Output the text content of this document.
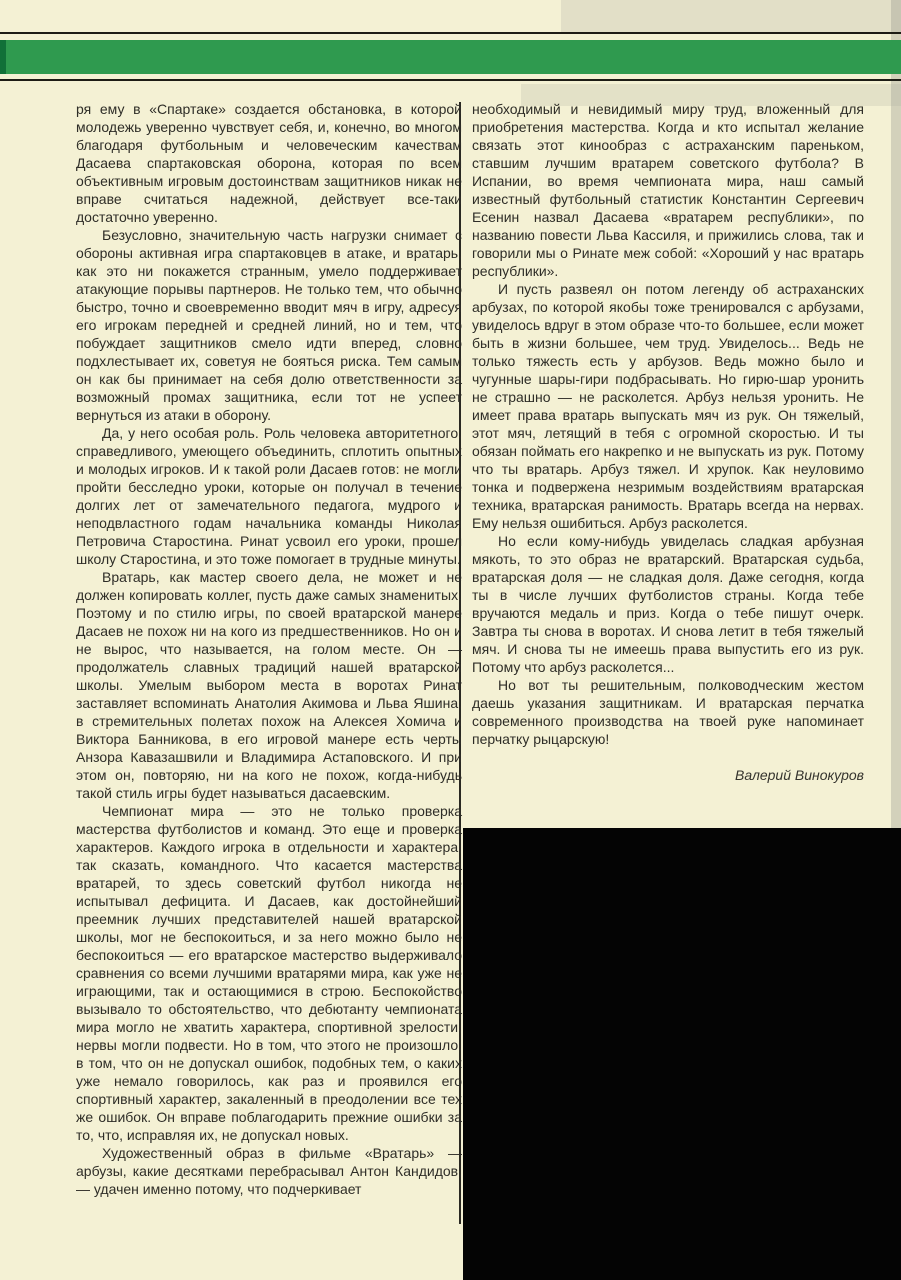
ря ему в «Спартаке» создается обстановка, в которой молодежь уверенно чувствует себя, и, конечно, во многом благодаря футбольным и человеческим качествам Дасаева спартаковская оборона, которая по всем объективным игровым достоинствам защитников никак не вправе считаться надежной, действует все-таки достаточно уверенно.

Безусловно, значительную часть нагрузки снимает с обороны активная игра спартаковцев в атаке, и вратарь, как это ни покажется странным, умело поддерживает атакующие порывы партнеров. Не только тем, что обычно быстро, точно и своевременно вводит мяч в игру, адресуя его игрокам передней и средней линий, но и тем, что побуждает защитников смело идти вперед, словно подхлестывает их, советуя не бояться риска. Тем самым он как бы принимает на себя долю ответственности за возможный промах защитника, если тот не успеет вернуться из атаки в оборону.

Да, у него особая роль. Роль человека авторитетного, справедливого, умеющего объединить, сплотить опытных и молодых игроков. И к такой роли Дасаев готов: не могли пройти бесследно уроки, которые он получал в течение долгих лет от замечательного педагога, мудрого и неподвластного годам начальника команды Николая Петровича Старостина. Ринат усвоил его уроки, прошел школу Старостина, и это тоже помогает в трудные минуты.

Вратарь, как мастер своего дела, не может и не должен копировать коллег, пусть даже самых знаменитых. Поэтому и по стилю игры, по своей вратарской манере Дасаев не похож ни на кого из предшественников. Но он и не вырос, что называется, на голом месте. Он — продолжатель славных традиций нашей вратарской школы. Умелым выбором места в воротах Ринат заставляет вспоминать Анатолия Акимова и Льва Яшина, в стремительных полетах похож на Алексея Хомича и Виктора Банникова, в его игровой манере есть черты Анзора Кавазашвили и Владимира Астаповского. И при этом он, повторяю, ни на кого не похож, когда-нибудь такой стиль игры будет называться дасаевским.

Чемпионат мира — это не только проверка мастерства футболистов и команд. Это еще и проверка характеров. Каждого игрока в отдельности и характера, так сказать, командного. Что касается мастерства вратарей, то здесь советский футбол никогда не испытывал дефицита. И Дасаев, как достойнейший преемник лучших представителей нашей вратарской школы, мог не беспокоиться, и за него можно было не беспокоиться — его вратарское мастерство выдерживало сравнения со всеми лучшими вратарями мира, как уже не играющими, так и остающимися в строю. Беспокойство вызывало то обстоятельство, что дебютанту чемпионата мира могло не хватить характера, спортивной зрелости, нервы могли подвести. Но в том, что этого не произошло, в том, что он не допускал ошибок, подобных тем, о каких уже немало говорилось, как раз и проявился его спортивный характер, закаленный в преодолении все тех же ошибок. Он вправе поблагодарить прежние ошибки за то, что, исправляя их, не допускал новых.

Художественный образ в фильме «Вратарь» — арбузы, какие десятками перебрасывал Антон Кандидов,— удачен именно потому, что подчеркивает

необходимый и невидимый миру труд, вложенный для приобретения мастерства. Когда и кто испытал желание связать этот кинообраз с астраханским пареньком, ставшим лучшим вратарем советского футбола? В Испании, во время чемпионата мира, наш самый известный футбольный статистик Константин Сергеевич Есенин назвал Дасаева «вратарем республики», по названию повести Льва Кассиля, и прижились слова, так и говорили мы о Ринате меж собой: «Хороший у нас вратарь республики».

И пусть развеял он потом легенду об астраханских арбузах, по которой якобы тоже тренировался с арбузами, увиделось вдруг в этом образе что-то большее, если может быть в жизни большее, чем труд. Увиделось... Ведь не только тяжесть есть у арбузов. Ведь можно было и чугунные шары-гири подбрасывать. Но гирю-шар уронить не страшно — не расколется. Арбуз нельзя уронить. Не имеет права вратарь выпускать мяч из рук. Он тяжелый, этот мяч, летящий в тебя с огромной скоростью. И ты обязан поймать его накрепко и не выпускать из рук. Потому что ты вратарь. Арбуз тяжел. И хрупок. Как неуловимо тонка и подвержена незримым воздействиям вратарская техника, вратарская ранимость. Вратарь всегда на нервах. Ему нельзя ошибиться. Арбуз расколется.

Но если кому-нибудь увиделась сладкая арбузная мякоть, то это образ не вратарский. Вратарская судьба, вратарская доля — не сладкая доля. Даже сегодня, когда ты в числе лучших футболистов страны. Когда тебе вручаются медаль и приз. Когда о тебе пишут очерк. Завтра ты снова в воротах. И снова летит в тебя тяжелый мяч. И снова ты не имеешь права выпустить его из рук. Потому что арбуз расколется...

Но вот ты решительным, полководческим жестом даешь указания защитникам. И вратарская перчатка современного производства на твоей руке напоминает перчатку рыцарскую!

Валерий Винокуров
